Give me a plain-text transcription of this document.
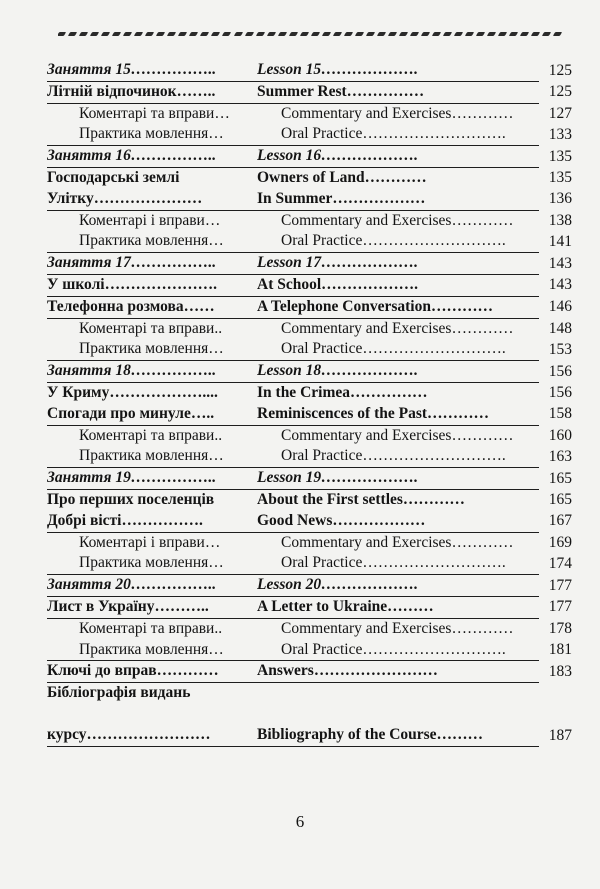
Заняття 15……………..	Lesson 15……………….	125
Літній відпочинок……..	Summer Rest……………	125
Коментарі та вправи…	Commentary and Exercises…………	127
Практика мовлення…	Oral Practice……………………….	133
Заняття 16……………..	Lesson 16……………….	135
Господарські землі	Owners of Land…………	135
Улітку…………………	In Summer………………	136
Коментарі і вправи…	Commentary and Exercises…………	138
Практика мовлення…	Oral Practice……………………….	141
Заняття 17……………..	Lesson 17……………….	143
У школі………………….	At School……………….	143
Телефонна розмова……	A Telephone Conversation…………	146
Коментарі та вправи..	Commentary and Exercises…………	148
Практика мовлення…	Oral Practice……………………….	153
Заняття 18……………..	Lesson 18……………….	156
У Криму………………....	In the Crimea……………	156
Спогади про минуле…..	Reminiscences of the Past…………	158
Коментарі та вправи..	Commentary and Exercises…………	160
Практика мовлення…	Oral Practice……………………….	163
Заняття 19……………..	Lesson 19……………….	165
Про перших поселенців	About the First settles…………	165
Добрі вісті…………….	Good News………………	167
Коментарі і вправи…	Commentary and Exercises…………	169
Практика мовлення…	Oral Practice……………………….	174
Заняття 20……………..	Lesson 20……………….	177
Лист в Україну………..	A Letter to Ukraine………	177
Коментарі та вправи..	Commentary and Exercises…………	178
Практика мовлення…	Oral Practice……………………….	181
Ключі до вправ…………	Answers……………………	183
Бібліографія видань		
курсу……………………	Bibliography of the Course………	187
6
